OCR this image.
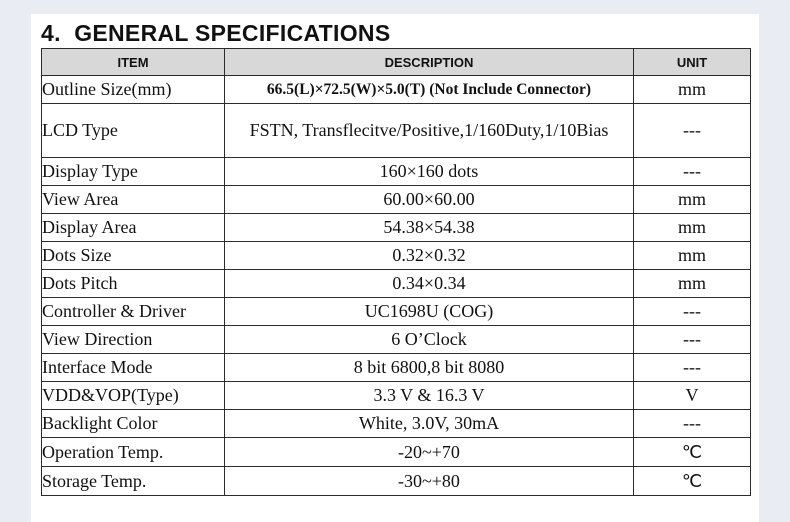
4. GENERAL SPECIFICATIONS
ITEM	DESCRIPTION	UNIT
Outline Size(mm)	66.5(L)×72.5(W)×5.0(T) (Not Include Connector)	mm
LCD Type	FSTN, Transflecitve/Positive,1/160Duty,1/10Bias	---
Display Type	160×160 dots	---
View Area	60.00×60.00	mm
Display Area	54.38×54.38	mm
Dots Size	0.32×0.32	mm
Dots Pitch	0.34×0.34	mm
Controller & Driver	UC1698U (COG)	---
View Direction	6 O’Clock	---
Interface Mode	8 bit 6800,8 bit 8080	---
VDD&VOP(Type)	3.3 V & 16.3 V	V
Backlight Color	White, 3.0V, 30mA	---
Operation Temp.	-20~+70	℃
Storage Temp.	-30~+80	℃
